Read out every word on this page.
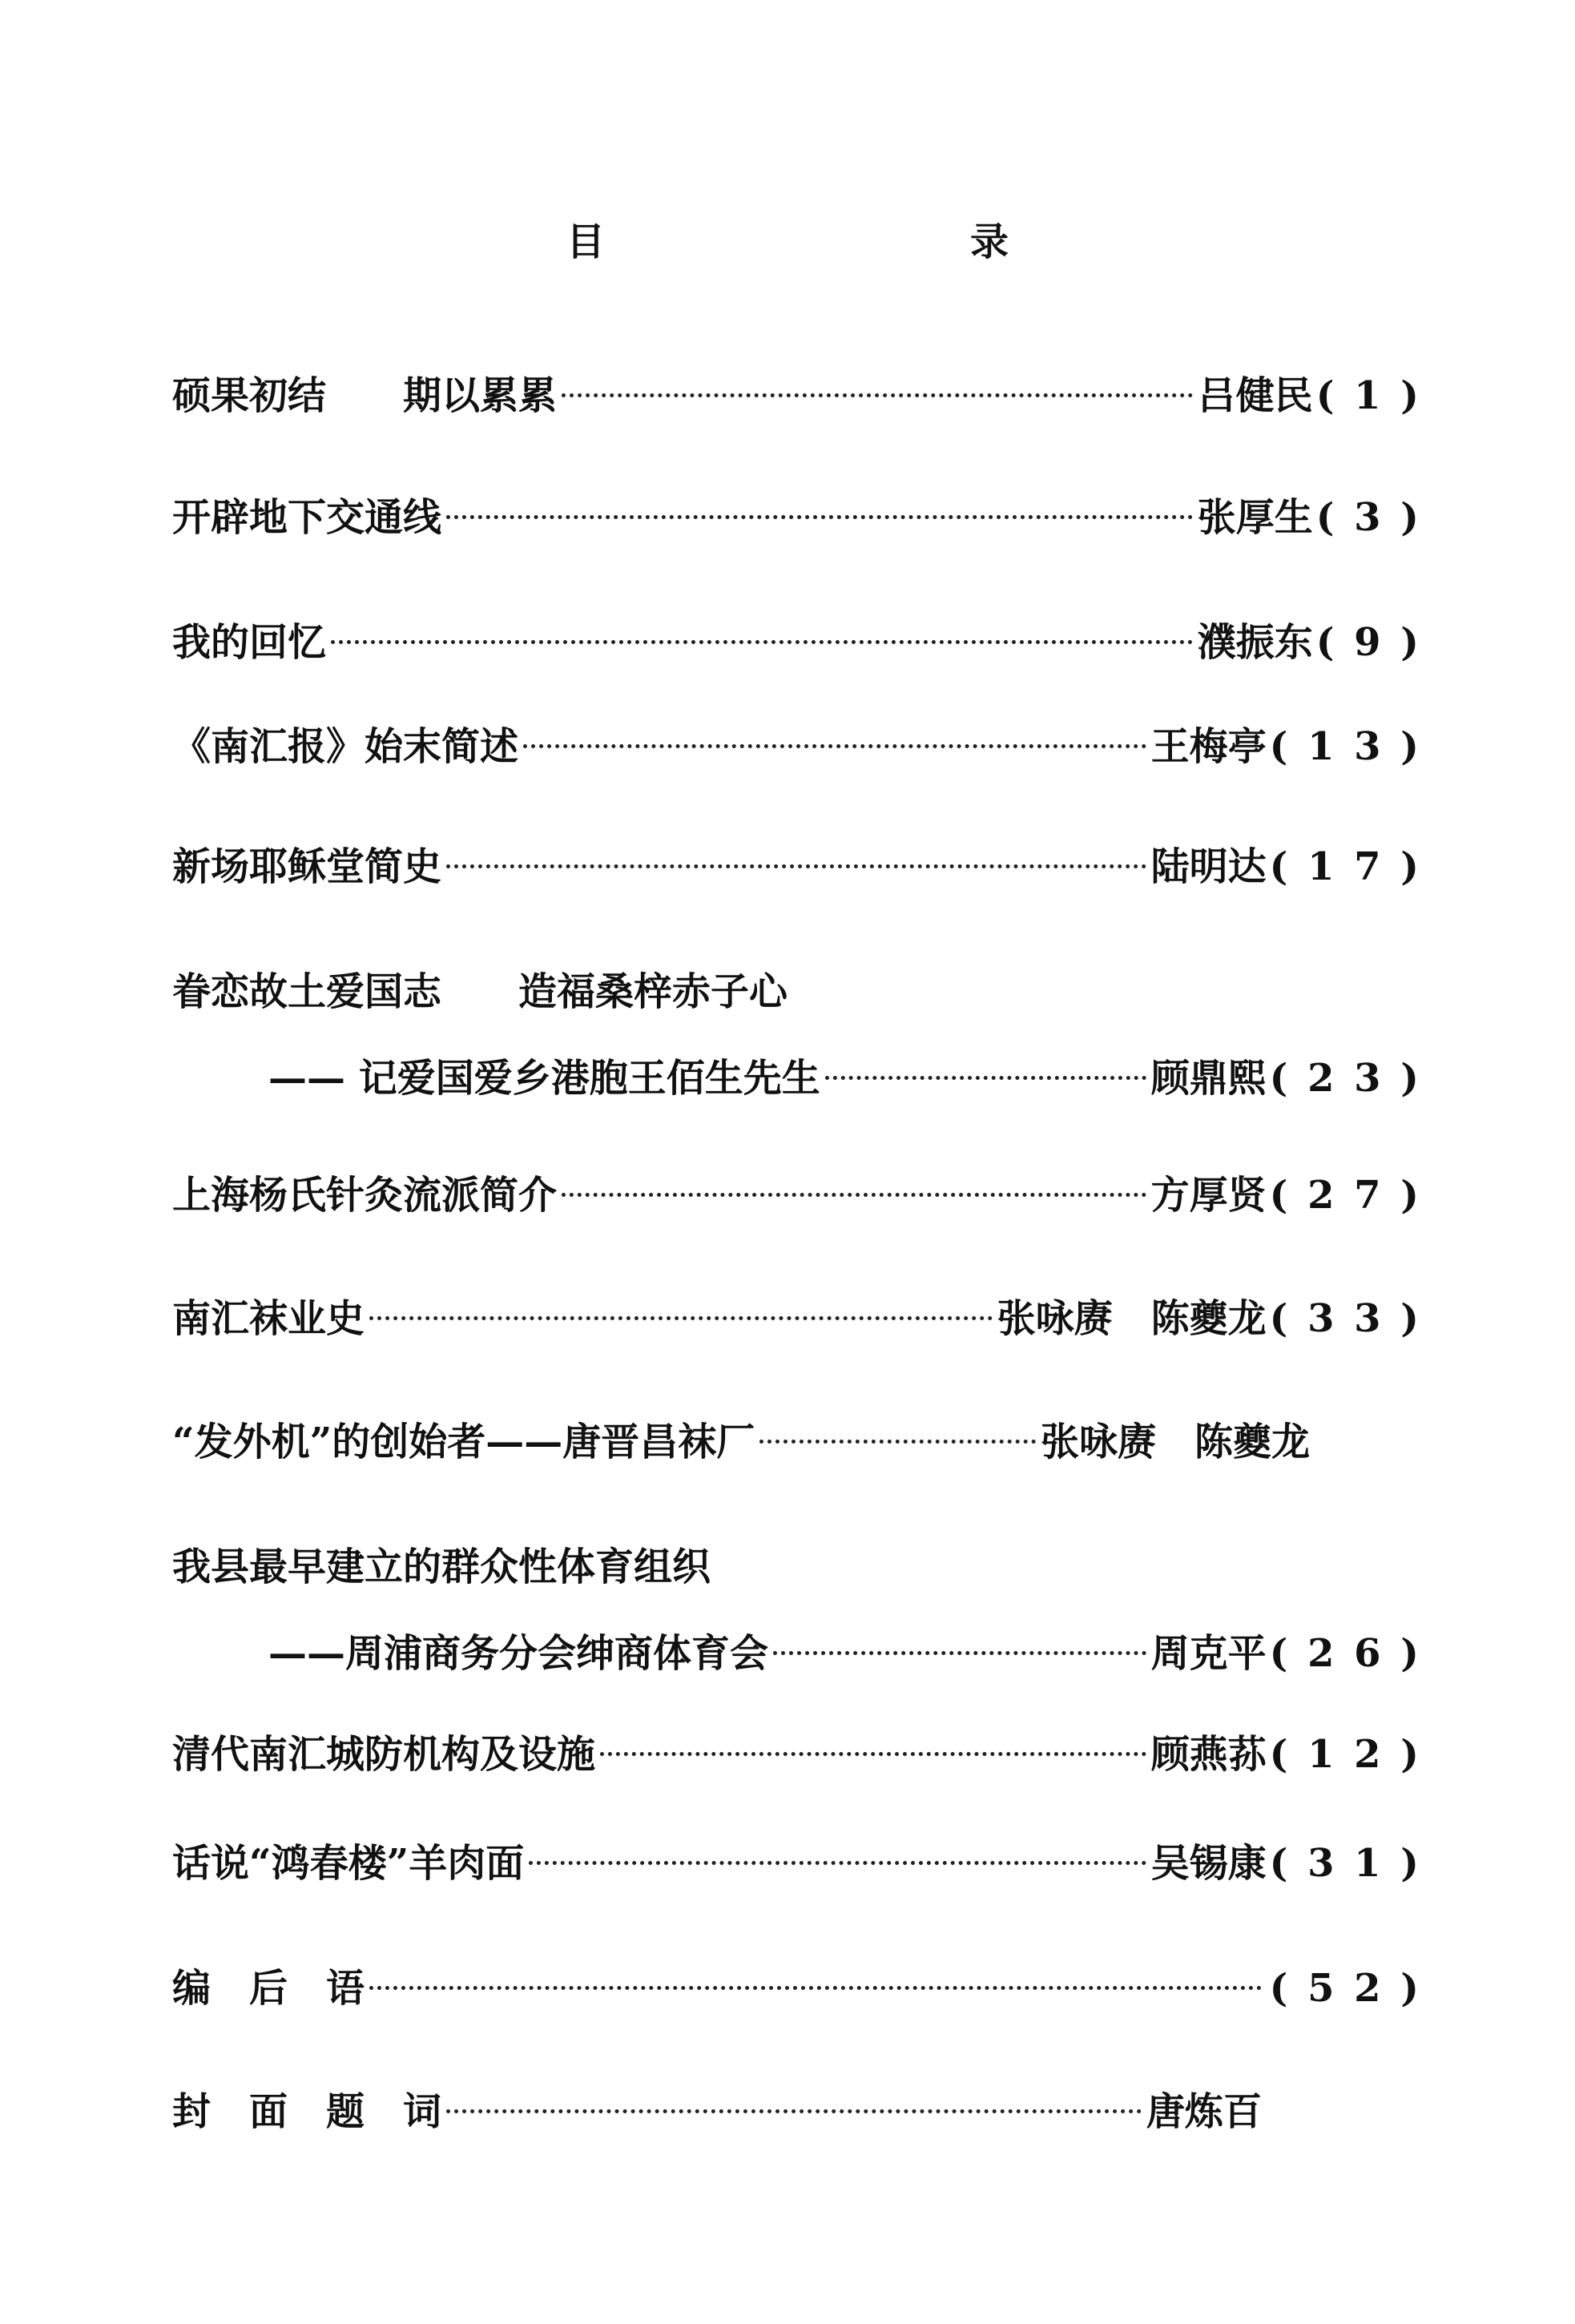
目　　录
硕果初结　　期以累累	吕健民 ( 1 )
开辟地下交通线	张厚生 ( 3 )
我的回忆	濮振东 ( 9 )
《南汇报》始末简述	王梅亭 ( 1 3 )
新场耶稣堂简史	陆明达 ( 1 7 )
眷恋故土爱国志　　造福桑梓赤子心
—— 记爱国爱乡港胞王佰生先生	顾鼎熙 ( 2 3 )
上海杨氏针灸流派简介	方厚贤 ( 2 7 )
南汇袜业史	张咏赓　陈夔龙 ( 3 3 )
“发外机”的创始者——唐晋昌袜厂	张咏赓　陈夔龙
我县最早建立的群众性体育组织
——周浦商务分会绅商体育会	周克平 ( 2 6 )
清代南汇城防机构及设施	顾燕荪 ( 1 2 )
话说“鸿春楼”羊肉面	吴锡康 ( 3 1 )
编　后　语	( 5 2 )
封　面　题　词	唐炼百
